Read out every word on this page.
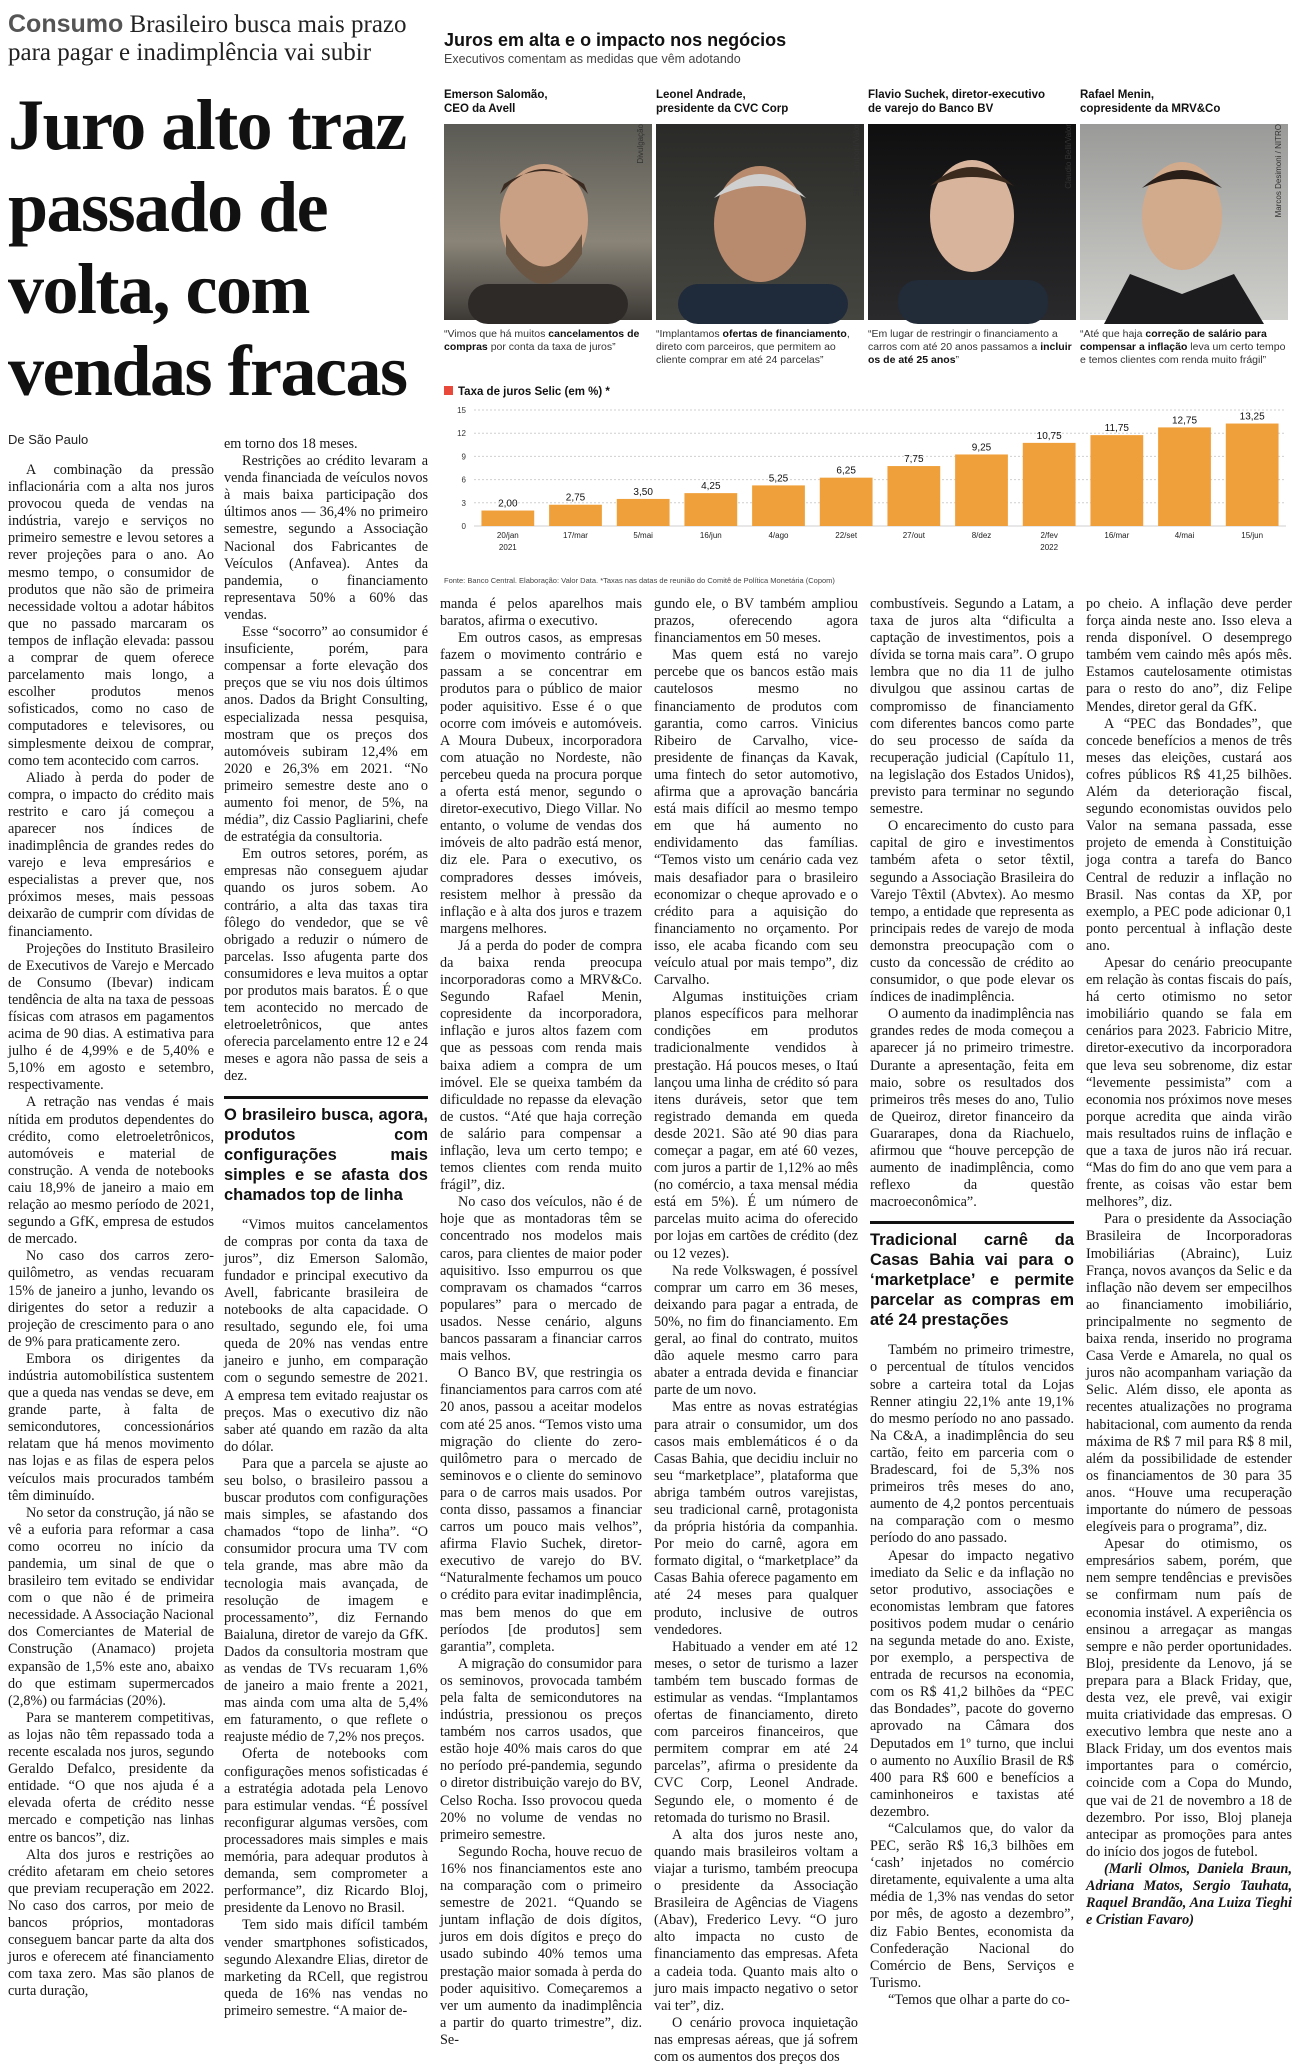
Consumo Brasileiro busca mais prazo para pagar e inadimplência vai subir
Juro alto traz passado de volta, com vendas fracas
De São Paulo
Juros em alta e o impacto nos negócios
Executivos comentam as medidas que vêm adotando
Emerson Salomão,
CEO da Avell
Divulgação
“Vimos que há muitos cancelamentos de compras por conta da taxa de juros”
Leonel Andrade,
presidente da CVC Corp
Silvia Zamboni/Valor
“Implantamos ofertas de financiamento, direto com parceiros, que permitem ao cliente comprar em até 24 parcelas”
Flavio Suchek, diretor-executivo
de varejo do Banco BV
Claudio Belli/Valor
“Em lugar de restringir o financiamento a carros com até 20 anos passamos a incluir os de até 25 anos”
Rafael Menin,
copresidente da MRV&Co
Marcos Desimoni / NITRO
“Até que haja correção de salário para compensar a inflação leva um certo tempo e temos clientes com renda muito frágil”
Taxa de juros Selic (em %) *
0
3
6
9
12
15
2,00
20/jan
2,75
17/mar
3,50
5/mai
4,25
16/jun
5,25
4/ago
6,25
22/set
7,75
27/out
9,25
8/dez
10,75
2/fev
11,75
16/mar
12,75
4/mai
13,25
15/jun
2021	2022
Fonte: Banco Central. Elaboração: Valor Data. *Taxas nas datas de reunião do Comitê de Política Monetária (Copom)

A combinação da pressão inflacionária com a alta nos juros provocou queda de vendas na indústria, varejo e serviços no primeiro semestre e levou setores a rever projeções para o ano. Ao mesmo tempo, o consumidor de produtos que não são de primeira necessidade voltou a adotar hábitos que no passado marcaram os tempos de inflação elevada: passou a comprar de quem oferece parcelamento mais longo, a escolher produtos menos sofisticados, como no caso de computadores e televisores, ou simplesmente deixou de comprar, como tem acontecido com carros.

Aliado à perda do poder de compra, o impacto do crédito mais restrito e caro já começou a aparecer nos índices de inadimplência de grandes redes do varejo e leva empresários e especialistas a prever que, nos próximos meses, mais pessoas deixarão de cumprir com dívidas de financiamento.

Projeções do Instituto Brasileiro de Executivos de Varejo e Mercado de Consumo (Ibevar) indicam tendência de alta na taxa de pessoas físicas com atrasos em pagamentos acima de 90 dias. A estimativa para julho é de 4,99% e de 5,40% e 5,10% em agosto e setembro, respectivamente.

A retração nas vendas é mais nítida em produtos dependentes do crédito, como eletroeletrônicos, automóveis e material de construção. A venda de notebooks caiu 18,9% de janeiro a maio em relação ao mesmo período de 2021, segundo a GfK, empresa de estudos de mercado.

No caso dos carros zero-quilômetro, as vendas recuaram 15% de janeiro a junho, levando os dirigentes do setor a reduzir a projeção de crescimento para o ano de 9% para praticamente zero.

Embora os dirigentes da indústria automobilística sustentem que a queda nas vendas se deve, em grande parte, à falta de semicondutores, concessionários relatam que há menos movimento nas lojas e as filas de espera pelos veículos mais procurados também têm diminuído.

No setor da construção, já não se vê a euforia para reformar a casa como ocorreu no início da pandemia, um sinal de que o brasileiro tem evitado se endividar com o que não é de primeira necessidade. A Associação Nacional dos Comerciantes de Material de Construção (Anamaco) projeta expansão de 1,5% este ano, abaixo do que estimam supermercados (2,8%) ou farmácias (20%).

Para se manterem competitivas, as lojas não têm repassado toda a recente escalada nos juros, segundo Geraldo Defalco, presidente da entidade. “O que nos ajuda é a elevada oferta de crédito nesse mercado e competição nas linhas entre os bancos”, diz.

Alta dos juros e restrições ao crédito afetaram em cheio setores que previam recuperação em 2022. No caso dos carros, por meio de bancos próprios, montadoras conseguem bancar parte da alta dos juros e oferecem até financiamento com taxa zero. Mas são planos de curta duração,

em torno dos 18 meses.

Restrições ao crédito levaram a venda financiada de veículos novos à mais baixa participação dos últimos anos — 36,4% no primeiro semestre, segundo a Associação Nacional dos Fabricantes de Veículos (Anfavea). Antes da pandemia, o financiamento representava 50% a 60% das vendas.

Esse “socorro” ao consumidor é insuficiente, porém, para compensar a forte elevação dos preços que se viu nos dois últimos anos. Dados da Bright Consulting, especializada nessa pesquisa, mostram que os preços dos automóveis subiram 12,4% em 2020 e 26,3% em 2021. “No primeiro semestre deste ano o aumento foi menor, de 5%, na média”, diz Cassio Pagliarini, chefe de estratégia da consultoria.

Em outros setores, porém, as empresas não conseguem ajudar quando os juros sobem. Ao contrário, a alta das taxas tira fôlego do vendedor, que se vê obrigado a reduzir o número de parcelas. Isso afugenta parte dos consumidores e leva muitos a optar por produtos mais baratos. É o que tem acontecido no mercado de eletroeletrônicos, que antes oferecia parcelamento entre 12 e 24 meses e agora não passa de seis a dez.

O brasileiro busca, agora, produtos com configurações mais simples e se afasta dos chamados top de linha

“Vimos muitos cancelamentos de compras por conta da taxa de juros”, diz Emerson Salomão, fundador e principal executivo da Avell, fabricante brasileira de notebooks de alta capacidade. O resultado, segundo ele, foi uma queda de 20% nas vendas entre janeiro e junho, em comparação com o segundo semestre de 2021. A empresa tem evitado reajustar os preços. Mas o executivo diz não saber até quando em razão da alta do dólar.

Para que a parcela se ajuste ao seu bolso, o brasileiro passou a buscar produtos com configurações mais simples, se afastando dos chamados “topo de linha”. “O consumidor procura uma TV com tela grande, mas abre mão da tecnologia mais avançada, de resolução de imagem e processamento”, diz Fernando Baialuna, diretor de varejo da GfK. Dados da consultoria mostram que as vendas de TVs recuaram 1,6% de janeiro a maio frente a 2021, mas ainda com uma alta de 5,4% em faturamento, o que reflete o reajuste médio de 7,2% nos preços.

Oferta de notebooks com configurações menos sofisticadas é a estratégia adotada pela Lenovo para estimular vendas. “É possível reconfigurar algumas versões, com processadores mais simples e mais memória, para adequar produtos à demanda, sem comprometer a performance”, diz Ricardo Bloj, presidente da Lenovo no Brasil.

Tem sido mais difícil também vender smartphones sofisticados, segundo Alexandre Elias, diretor de marketing da RCell, que registrou queda de 16% nas vendas no primeiro semestre. “A maior de-

manda é pelos aparelhos mais baratos, afirma o executivo.

Em outros casos, as empresas fazem o movimento contrário e passam a se concentrar em produtos para o público de maior poder aquisitivo. Esse é o que ocorre com imóveis e automóveis. A Moura Dubeux, incorporadora com atuação no Nordeste, não percebeu queda na procura porque a oferta está menor, segundo o diretor-executivo, Diego Villar. No entanto, o volume de vendas dos imóveis de alto padrão está menor, diz ele. Para o executivo, os compradores desses imóveis, resistem melhor à pressão da inflação e à alta dos juros e trazem margens melhores.

Já a perda do poder de compra da baixa renda preocupa incorporadoras como a MRV&Co. Segundo Rafael Menin, copresidente da incorporadora, inflação e juros altos fazem com que as pessoas com renda mais baixa adiem a compra de um imóvel. Ele se queixa também da dificuldade no repasse da elevação de custos. “Até que haja correção de salário para compensar a inflação, leva um certo tempo; e temos clientes com renda muito frágil”, diz.

No caso dos veículos, não é de hoje que as montadoras têm se concentrado nos modelos mais caros, para clientes de maior poder aquisitivo. Isso empurrou os que compravam os chamados “carros populares” para o mercado de usados. Nesse cenário, alguns bancos passaram a financiar carros mais velhos.

O Banco BV, que restringia os financiamentos para carros com até 20 anos, passou a aceitar modelos com até 25 anos. “Temos visto uma migração do cliente do zero-quilômetro para o mercado de seminovos e o cliente do seminovo para o de carros mais usados. Por conta disso, passamos a financiar carros um pouco mais velhos”, afirma Flavio Suchek, diretor-executivo de varejo do BV. “Naturalmente fechamos um pouco o crédito para evitar inadimplência, mas bem menos do que em períodos [de produtos] sem garantia”, completa.

A migração do consumidor para os seminovos, provocada também pela falta de semicondutores na indústria, pressionou os preços também nos carros usados, que estão hoje 40% mais caros do que no período pré-pandemia, segundo o diretor distribuição varejo do BV, Celso Rocha. Isso provocou queda 20% no volume de vendas no primeiro semestre.

Segundo Rocha, houve recuo de 16% nos financiamentos este ano na comparação com o primeiro semestre de 2021. “Quando se juntam inflação de dois dígitos, juros em dois dígitos e preço do usado subindo 40% temos uma prestação maior somada à perda do poder aquisitivo. Começaremos a ver um aumento da inadimplência a partir do quarto trimestre”, diz. Se-

gundo ele, o BV também ampliou prazos, oferecendo agora financiamentos em 50 meses.

Mas quem está no varejo percebe que os bancos estão mais cautelosos mesmo no financiamento de produtos com garantia, como carros. Vinicius Ribeiro de Carvalho, vice-presidente de finanças da Kavak, uma fintech do setor automotivo, afirma que a aprovação bancária está mais difícil ao mesmo tempo em que há aumento no endividamento das famílias. “Temos visto um cenário cada vez mais desafiador para o brasileiro economizar o cheque aprovado e o crédito para a aquisição do financiamento no orçamento. Por isso, ele acaba ficando com seu veículo atual por mais tempo”, diz Carvalho.

Algumas instituições criam planos específicos para melhorar condições em produtos tradicionalmente vendidos à prestação. Há poucos meses, o Itaú lançou uma linha de crédito só para itens duráveis, setor que tem registrado demanda em queda desde 2021. São até 90 dias para começar a pagar, em até 60 vezes, com juros a partir de 1,12% ao mês (no comércio, a taxa mensal média está em 5%). É um número de parcelas muito acima do oferecido por lojas em cartões de crédito (dez ou 12 vezes).

Na rede Volkswagen, é possível comprar um carro em 36 meses, deixando para pagar a entrada, de 50%, no fim do financiamento. Em geral, ao final do contrato, muitos dão aquele mesmo carro para abater a entrada devida e financiar parte de um novo.

Mas entre as novas estratégias para atrair o consumidor, um dos casos mais emblemáticos é o da Casas Bahia, que decidiu incluir no seu “marketplace”, plataforma que abriga também outros varejistas, seu tradicional carnê, protagonista da própria história da companhia. Por meio do carnê, agora em formato digital, o “marketplace” da Casas Bahia oferece pagamento em até 24 meses para qualquer produto, inclusive de outros vendedores.

Habituado a vender em até 12 meses, o setor de turismo a lazer também tem buscado formas de estimular as vendas. “Implantamos ofertas de financiamento, direto com parceiros financeiros, que permitem comprar em até 24 parcelas”, afirma o presidente da CVC Corp, Leonel Andrade. Segundo ele, o momento é de retomada do turismo no Brasil.

A alta dos juros neste ano, quando mais brasileiros voltam a viajar a turismo, também preocupa o presidente da Associação Brasileira de Agências de Viagens (Abav), Frederico Levy. “O juro alto impacta no custo de financiamento das empresas. Afeta a cadeia toda. Quanto mais alto o juro mais impacto negativo o setor vai ter”, diz.

O cenário provoca inquietação nas empresas aéreas, que já sofrem com os aumentos dos preços dos

combustíveis. Segundo a Latam, a taxa de juros alta “dificulta a captação de investimentos, pois a dívida se torna mais cara”. O grupo lembra que no dia 11 de julho divulgou que assinou cartas de compromisso de financiamento com diferentes bancos como parte do seu processo de saída da recuperação judicial (Capítulo 11, na legislação dos Estados Unidos), previsto para terminar no segundo semestre.

O encarecimento do custo para capital de giro e investimentos também afeta o setor têxtil, segundo a Associação Brasileira do Varejo Têxtil (Abvtex). Ao mesmo tempo, a entidade que representa as principais redes de varejo de moda demonstra preocupação com o custo da concessão de crédito ao consumidor, o que pode elevar os índices de inadimplência.

O aumento da inadimplência nas grandes redes de moda começou a aparecer já no primeiro trimestre. Durante a apresentação, feita em maio, sobre os resultados dos primeiros três meses do ano, Tulio de Queiroz, diretor financeiro da Guararapes, dona da Riachuelo, afirmou que “houve percepção de aumento de inadimplência, como reflexo da questão macroeconômica”.

Tradicional carnê da Casas Bahia vai para o ‘marketplace’ e permite parcelar as compras em até 24 prestações

Também no primeiro trimestre, o percentual de títulos vencidos sobre a carteira total da Lojas Renner atingiu 22,1% ante 19,1% do mesmo período no ano passado. Na C&A, a inadimplência do seu cartão, feito em parceria com o Bradescard, foi de 5,3% nos primeiros três meses do ano, aumento de 4,2 pontos percentuais na comparação com o mesmo período do ano passado.

Apesar do impacto negativo imediato da Selic e da inflação no setor produtivo, associações e economistas lembram que fatores positivos podem mudar o cenário na segunda metade do ano. Existe, por exemplo, a perspectiva de entrada de recursos na economia, com os R$ 41,2 bilhões da “PEC das Bondades”, pacote do governo aprovado na Câmara dos Deputados em 1º turno, que inclui o aumento no Auxílio Brasil de R$ 400 para R$ 600 e benefícios a caminhoneiros e taxistas até dezembro.

“Calculamos que, do valor da PEC, serão R$ 16,3 bilhões em ‘cash’ injetados no comércio diretamente, equivalente a uma alta média de 1,3% nas vendas do setor por mês, de agosto a dezembro”, diz Fabio Bentes, economista da Confederação Nacional do Comércio de Bens, Serviços e Turismo.

“Temos que olhar a parte do co-

po cheio. A inflação deve perder força ainda neste ano. Isso eleva a renda disponível. O desemprego também vem caindo mês após mês. Estamos cautelosamente otimistas para o resto do ano”, diz Felipe Mendes, diretor geral da GfK.

A “PEC das Bondades”, que concede benefícios a menos de três meses das eleições, custará aos cofres públicos R$ 41,25 bilhões. Além da deterioração fiscal, segundo economistas ouvidos pelo Valor na semana passada, esse projeto de emenda à Constituição joga contra a tarefa do Banco Central de reduzir a inflação no Brasil. Nas contas da XP, por exemplo, a PEC pode adicionar 0,1 ponto percentual à inflação deste ano.

Apesar do cenário preocupante em relação às contas fiscais do país, há certo otimismo no setor imobiliário quando se fala em cenários para 2023. Fabricio Mitre, diretor-executivo da incorporadora que leva seu sobrenome, diz estar “levemente pessimista” com a economia nos próximos nove meses porque acredita que ainda virão mais resultados ruins de inflação e que a taxa de juros não irá recuar. “Mas do fim do ano que vem para a frente, as coisas vão estar bem melhores”, diz.

Para o presidente da Associação Brasileira de Incorporadoras Imobiliárias (Abrainc), Luiz França, novos avanços da Selic e da inflação não devem ser empecilhos ao financiamento imobiliário, principalmente no segmento de baixa renda, inserido no programa Casa Verde e Amarela, no qual os juros não acompanham variação da Selic. Além disso, ele aponta as recentes atualizações no programa habitacional, com aumento da renda máxima de R$ 7 mil para R$ 8 mil, além da possibilidade de estender os financiamentos de 30 para 35 anos. “Houve uma recuperação importante do número de pessoas elegíveis para o programa”, diz.

Apesar do otimismo, os empresários sabem, porém, que nem sempre tendências e previsões se confirmam num país de economia instável. A experiência os ensinou a arregaçar as mangas sempre e não perder oportunidades. Bloj, presidente da Lenovo, já se prepara para a Black Friday, que, desta vez, ele prevê, vai exigir muita criatividade das empresas. O executivo lembra que neste ano a Black Friday, um dos eventos mais importantes para o comércio, coincide com a Copa do Mundo, que vai de 21 de novembro a 18 de dezembro. Por isso, Bloj planeja antecipar as promoções para antes do início dos jogos de futebol.

(Marli Olmos, Daniela Braun, Adriana Matos, Sergio Tauhata, Raquel Brandão, Ana Luiza Tieghi e Cristian Favaro)
